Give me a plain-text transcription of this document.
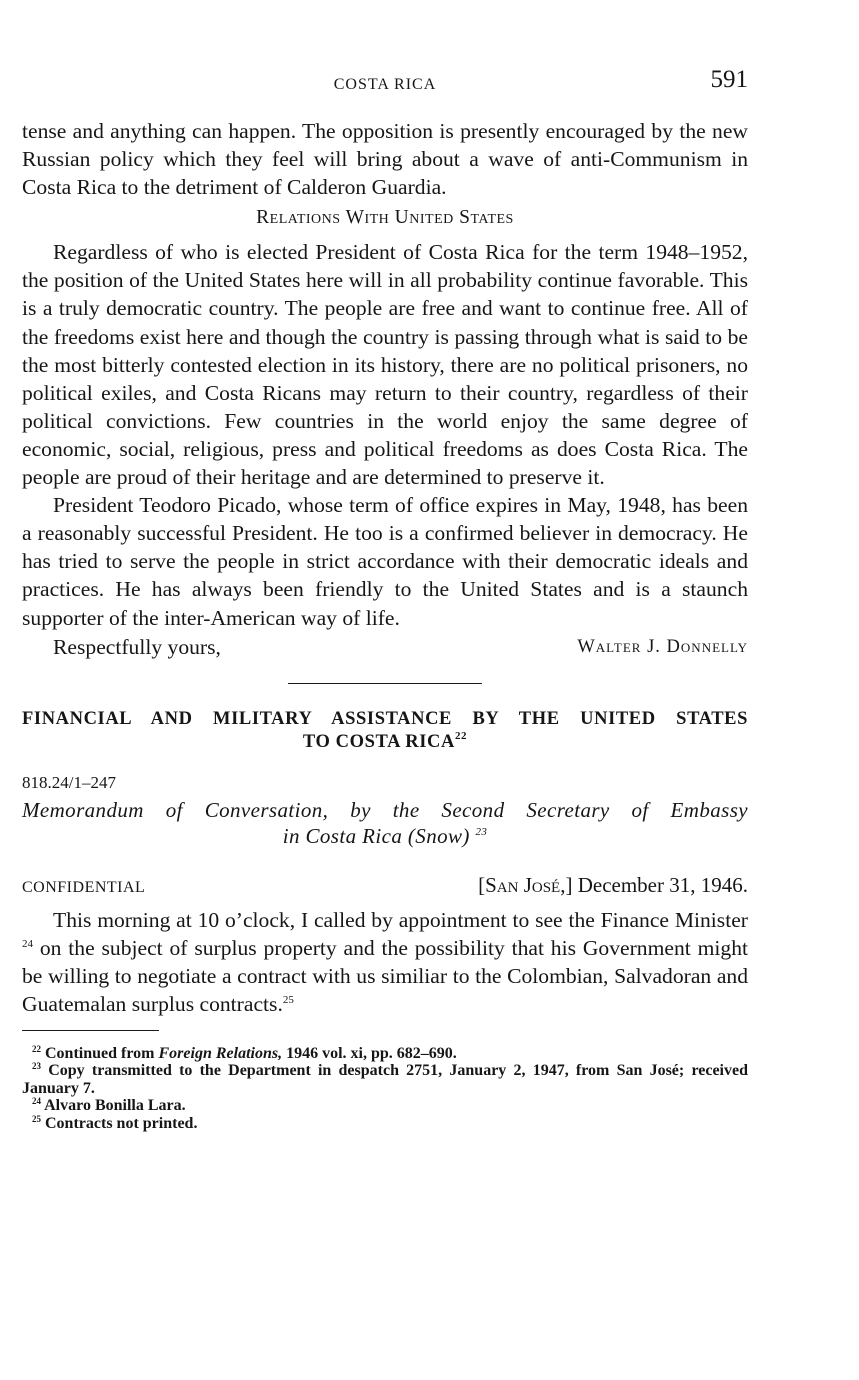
COSTA RICA	591

tense and anything can happen. The opposition is presently encouraged by the new Russian policy which they feel will bring about a wave of anti-Communism in Costa Rica to the detriment of Calderon Guardia.

Relations With United States

Regardless of who is elected President of Costa Rica for the term 1948–1952, the position of the United States here will in all probability continue favorable. This is a truly democratic country. The people are free and want to continue free. All of the freedoms exist here and though the country is passing through what is said to be the most bitterly contested election in its history, there are no political prisoners, no political exiles, and Costa Ricans may return to their country, regardless of their political convictions. Few countries in the world enjoy the same degree of economic, social, religious, press and political freedoms as does Costa Rica. The people are proud of their heritage and are determined to preserve it.

President Teodoro Picado, whose term of office expires in May, 1948, has been a reasonably successful President. He too is a confirmed believer in democracy. He has tried to serve the people in strict accordance with their democratic ideals and practices. He has always been friendly to the United States and is a staunch supporter of the inter-American way of life.

Respectfully yours,	Walter J. Donnelly
FINANCIAL AND MILITARY ASSISTANCE BY THE UNITED STATES
TO COSTA RICA$^{22}$
818.24/1–247
Memorandum of Conversation, by the Second Secretary of Embassy
in Costa Rica (Snow) $^{23}$
CONFIDENTIAL	[San José,] December 31, 1946.

This morning at 10 o’clock, I called by appointment to see the Finance Minister $^{24}$ on the subject of surplus property and the possibility that his Government might be willing to negotiate a contract with us similiar to the Colombian, Salvadoran and Guatemalan surplus contracts.$^{25}$

$^{22}$ Continued from Foreign Relations, 1946 vol. xi, pp. 682–690.
$^{23}$ Copy transmitted to the Department in despatch 2751, January 2, 1947, from San José; received January 7.
$^{24}$ Alvaro Bonilla Lara.
$^{25}$ Contracts not printed.
